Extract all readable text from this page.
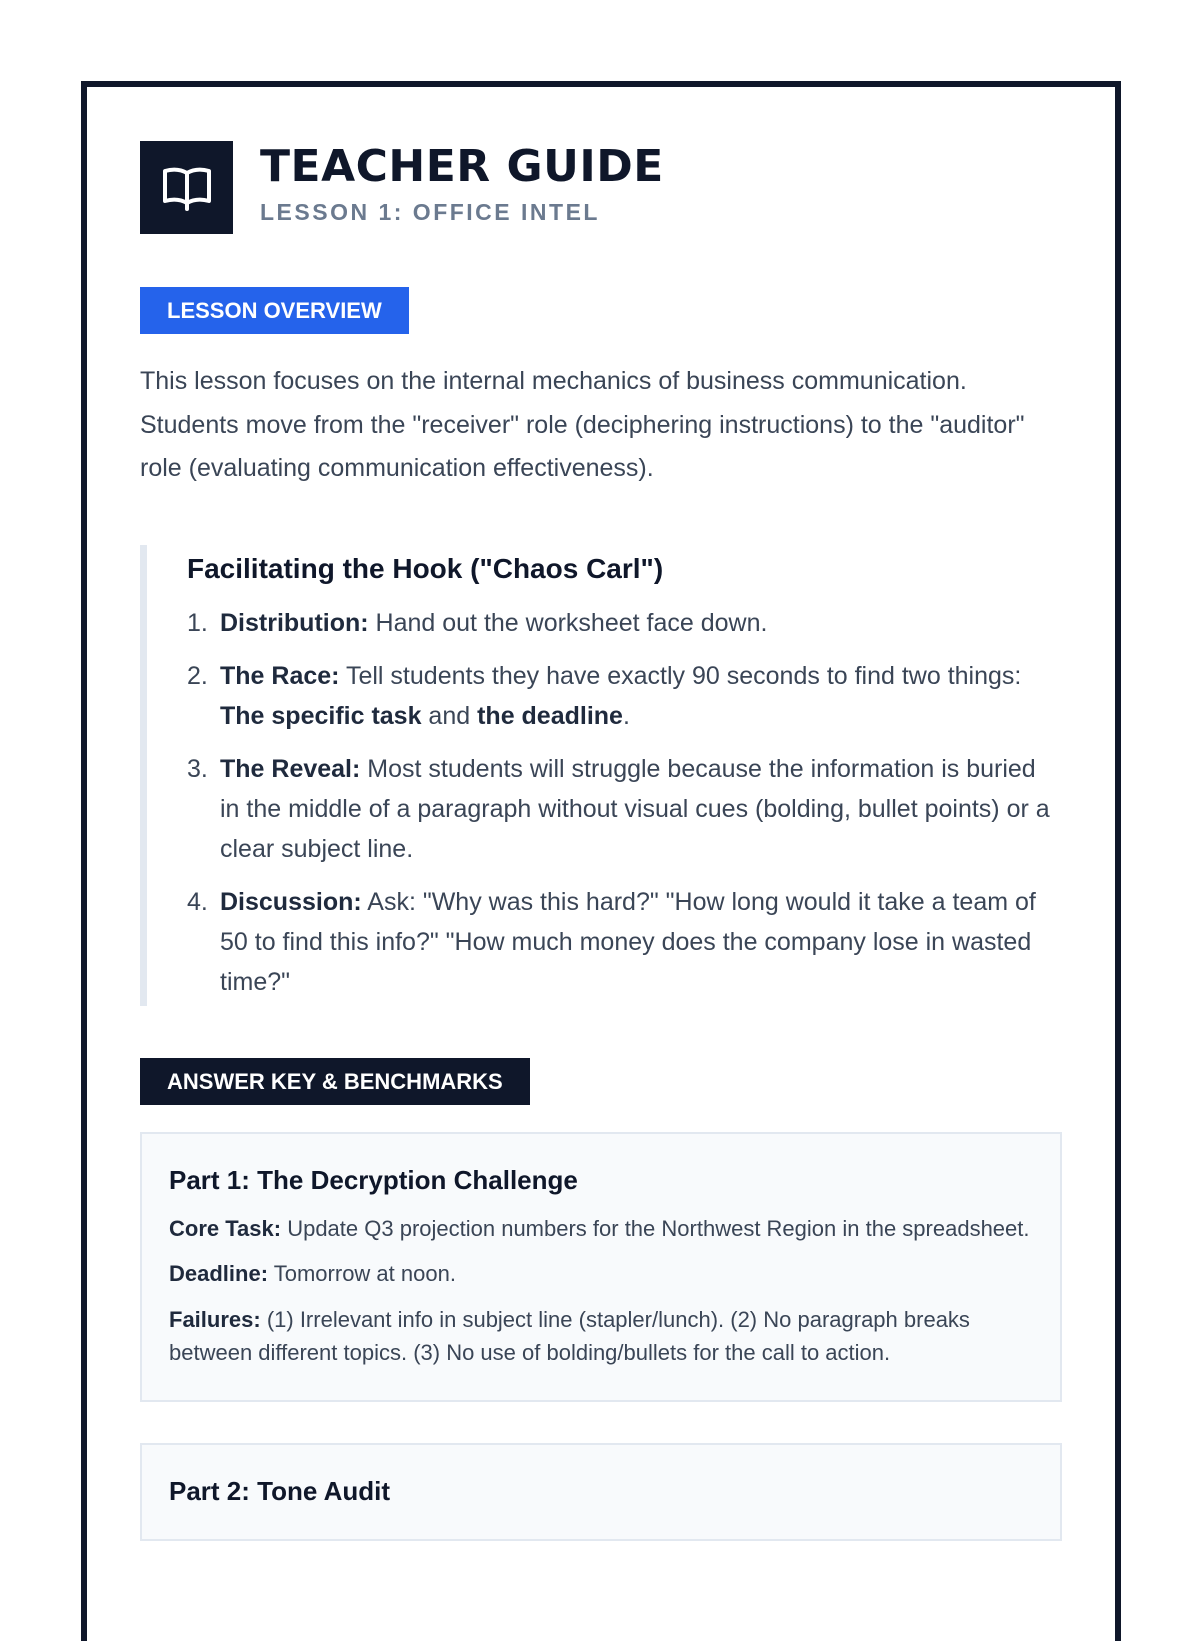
TEACHER GUIDE
LESSON 1: OFFICE INTEL
LESSON OVERVIEW

This lesson focuses on the internal mechanics of business communication. Students move from the "receiver" role (deciphering instructions) to the "auditor" role (evaluating communication effectiveness).

Facilitating the Hook ("Chaos Carl")
1. Distribution: Hand out the worksheet face down.
2. The Race: Tell students they have exactly 90 seconds to find two things: The specific task and the deadline.
3. The Reveal: Most students will struggle because the information is buried in the middle of a paragraph without visual cues (bolding, bullet points) or a clear subject line.
4. Discussion: Ask: "Why was this hard?" "How long would it take a team of 50 to find this info?" "How much money does the company lose in wasted time?"
ANSWER KEY & BENCHMARKS
Part 1: The Decryption Challenge

Core Task: Update Q3 projection numbers for the Northwest Region in the spreadsheet.

Deadline: Tomorrow at noon.

Failures: (1) Irrelevant info in subject line (stapler/lunch). (2) No paragraph breaks between different topics. (3) No use of bolding/bullets for the call to action.

Part 2: Tone Audit
